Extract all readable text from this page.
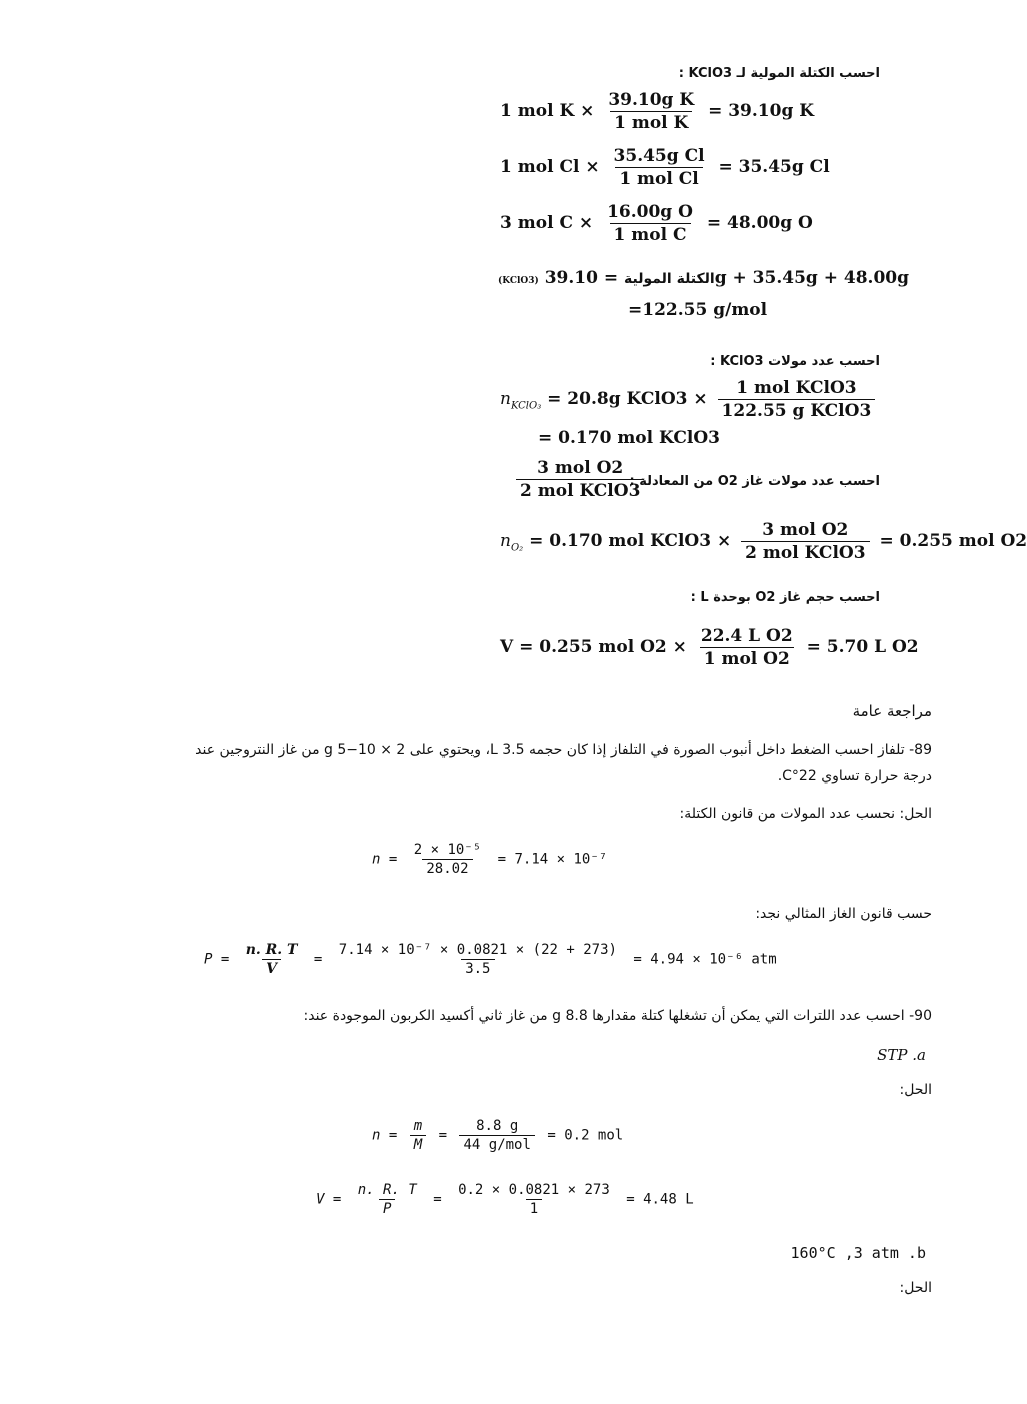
احسب الكتلة المولية لـ KClO3 :
1 mol $K \times \frac{\text{39.10g K}}{\text{1 mol K}} = 39.10g$ K
1 mol $Cl \times \frac{\text{35.45g Cl}}{\text{1 mol Cl}} = 35.45g$ Cl
3 mol $C \times \frac{\text{16.00g O}}{\text{1 mol C}} = 48.00g$ O
(KClO3)	الكتلة المولية = 39.10g + 35.45g + 48.00g
=122.55 g/mol
احسب عدد مولات KClO3 :
$n_{KClO_3} = 20.8g$ KClO3 × $\frac{\text{1 mol KClO3}}{\text{122.55 g KClO3}}$
= 0.170 mol KClO3
$\frac{\text{3 mol O2}}{\text{2 mol KClO3}}$
احسب عدد مولات غاز O2 من المعادلة :
$n_{O_2} = 0.170$ mol KClO3 × $\frac{\text{3 mol O2}}{\text{2 mol KClO3}} = 0.255$ mol O2
احسب حجم غاز O2 بوحدة L :
V = 0.255 mol $O2 \times \frac{\text{22.4 L O2}}{\text{1 mol O2}} = 5.70$ L O2
مراجعة عامة
89- تلفاز احسب الضغط داخل أنبوب الصورة في التلفاز إذا كان حجمه 3.5 L، ويحتوي على g 5−10 × 2 من غاز النتروجين عند
درجة حرارة تساوي 22°C.
الحل: نحسب عدد المولات من قانون الكتلة:
$n = \frac{\text{2 × 10⁻⁵}}{28.02} = 7.14 \times 10^{-7}$
حسب قانون الغاز المثالي نجد:
$P = \frac{n. R. T}{V} = \frac{\text{7.14 × 10⁻⁷ × 0.0821 × (22 + 273)}}{3.5} = 4.94 \times 10^{-6}$ atm
90- احسب عدد اللترات التي يمكن أن تشغلها كتلة مقدارها g 8.8 من غاز ثاني أكسيد الكربون الموجودة عند:
STP .a
الحل:
$n = \frac{m}{M} = \frac{8.8 g}{\text{44 g/mol}} = 0.2$ mol
$V = \frac{n. R. T}{P} = \frac{0.2 \times 0.0821 \times 273}{1} = 4.48$ L
160°C ,3 atm .b
الحل:
